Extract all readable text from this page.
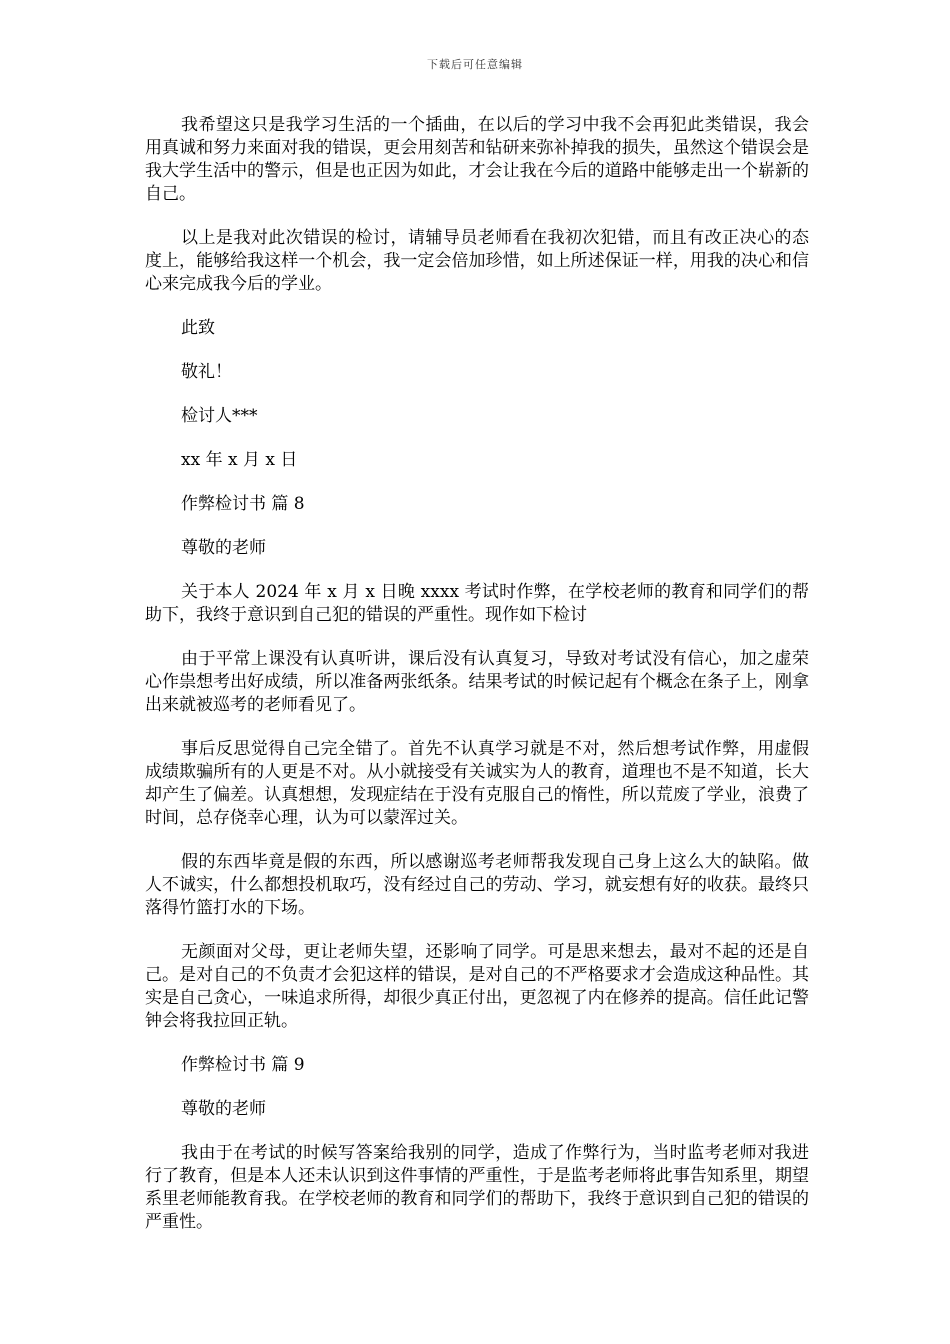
下载后可任意编辑

我希望这只是我学习生活的一个插曲，在以后的学习中我不会再犯此类错误，我会用真诚和努力来面对我的错误，更会用刻苦和钻研来弥补掉我的损失，虽然这个错误会是我大学生活中的警示，但是也正因为如此，才会让我在今后的道路中能够走出一个崭新的自己。

以上是我对此次错误的检讨，请辅导员老师看在我初次犯错，而且有改正决心的态度上，能够给我这样一个机会，我一定会倍加珍惜，如上所述保证一样，用我的决心和信心来完成我今后的学业。

此致

敬礼！

检讨人***

xx 年 x 月 x 日

作弊检讨书 篇 8

尊敬的老师

关于本人 2024 年 x 月 x 日晚 xxxx 考试时作弊，在学校老师的教育和同学们的帮助下，我终于意识到自己犯的错误的严重性。现作如下检讨

由于平常上课没有认真听讲，课后没有认真复习，导致对考试没有信心，加之虚荣心作祟想考出好成绩，所以准备两张纸条。结果考试的时候记起有个概念在条子上，刚拿出来就被巡考的老师看见了。

事后反思觉得自己完全错了。首先不认真学习就是不对，然后想考试作弊，用虚假成绩欺骗所有的人更是不对。从小就接受有关诚实为人的教育，道理也不是不知道，长大却产生了偏差。认真想想，发现症结在于没有克服自己的惰性，所以荒废了学业，浪费了时间，总存侥幸心理，认为可以蒙浑过关。

假的东西毕竟是假的东西，所以感谢巡考老师帮我发现自己身上这么大的缺陷。做人不诚实，什么都想投机取巧，没有经过自己的劳动、学习，就妄想有好的收获。最终只落得竹篮打水的下场。

无颜面对父母，更让老师失望，还影响了同学。可是思来想去，最对不起的还是自己。是对自己的不负责才会犯这样的错误，是对自己的不严格要求才会造成这种品性。其实是自己贪心，一味追求所得，却很少真正付出，更忽视了内在修养的提高。信任此记警钟会将我拉回正轨。

作弊检讨书 篇 9

尊敬的老师

我由于在考试的时候写答案给我别的同学，造成了作弊行为，当时监考老师对我进行了教育，但是本人还未认识到这件事情的严重性，于是监考老师将此事告知系里，期望系里老师能教育我。在学校老师的教育和同学们的帮助下，我终于意识到自己犯的错误的严重性。
